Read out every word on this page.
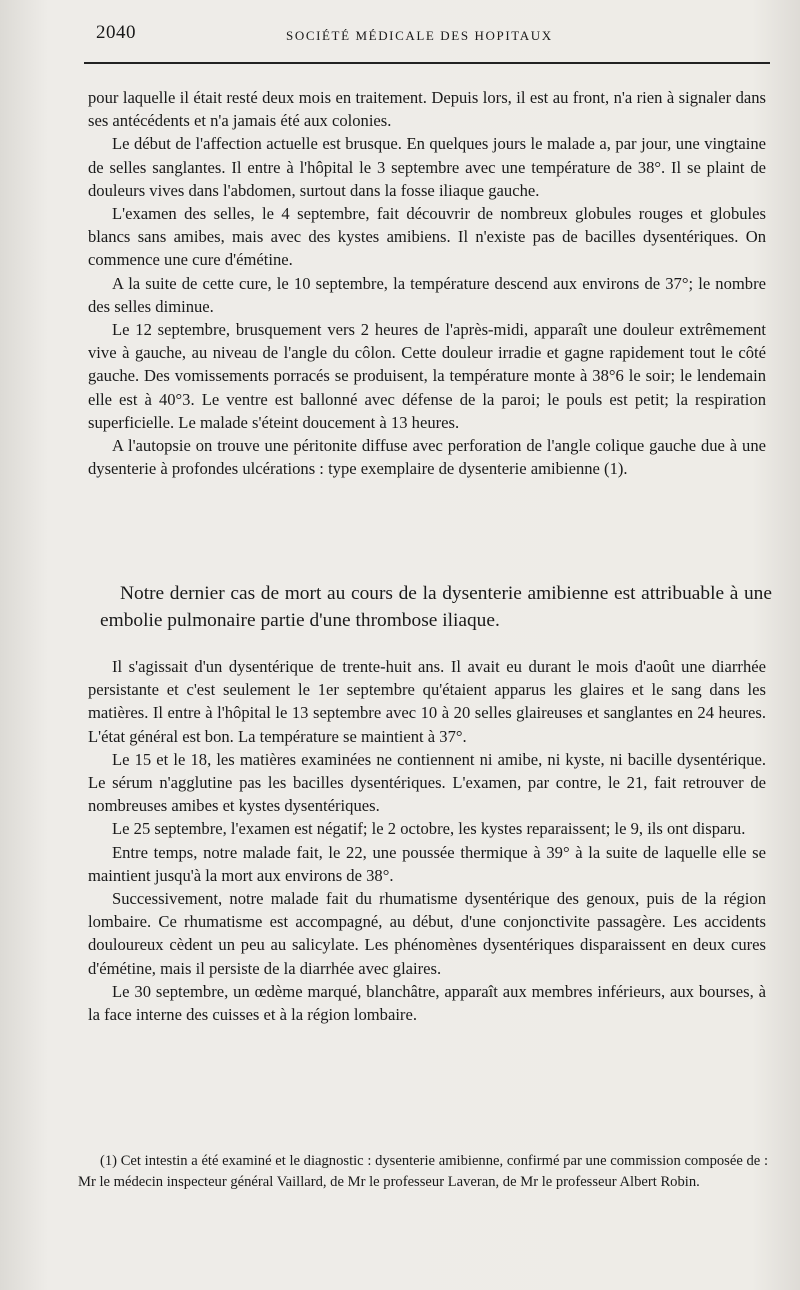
2040	SOCIÉTÉ MÉDICALE DES HOPITAUX

pour laquelle il était resté deux mois en traitement. Depuis lors, il est au front, n'a rien à signaler dans ses antécédents et n'a jamais été aux colonies.

Le début de l'affection actuelle est brusque. En quelques jours le malade a, par jour, une vingtaine de selles sanglantes. Il entre à l'hôpital le 3 septembre avec une température de 38°. Il se plaint de douleurs vives dans l'abdomen, surtout dans la fosse iliaque gauche.

L'examen des selles, le 4 septembre, fait découvrir de nombreux globules rouges et globules blancs sans amibes, mais avec des kystes amibiens. Il n'existe pas de bacilles dysentériques. On commence une cure d'émétine.

A la suite de cette cure, le 10 septembre, la température descend aux environs de 37°; le nombre des selles diminue.

Le 12 septembre, brusquement vers 2 heures de l'après-midi, apparaît une douleur extrêmement vive à gauche, au niveau de l'angle du côlon. Cette douleur irradie et gagne rapidement tout le côté gauche. Des vomissements porracés se produisent, la température monte à 38°6 le soir; le lendemain elle est à 40°3. Le ventre est ballonné avec défense de la paroi; le pouls est petit; la respiration superficielle. Le malade s'éteint doucement à 13 heures.

A l'autopsie on trouve une péritonite diffuse avec perforation de l'angle colique gauche due à une dysenterie à profondes ulcérations : type exemplaire de dysenterie amibienne (1).

Notre dernier cas de mort au cours de la dysenterie amibienne est attribuable à une embolie pulmonaire partie d'une thrombose iliaque.

Il s'agissait d'un dysentérique de trente-huit ans. Il avait eu durant le mois d'août une diarrhée persistante et c'est seulement le 1er septembre qu'étaient apparus les glaires et le sang dans les matières. Il entre à l'hôpital le 13 septembre avec 10 à 20 selles glaireuses et sanglantes en 24 heures. L'état général est bon. La température se maintient à 37°.

Le 15 et le 18, les matières examinées ne contiennent ni amibe, ni kyste, ni bacille dysentérique. Le sérum n'agglutine pas les bacilles dysentériques. L'examen, par contre, le 21, fait retrouver de nombreuses amibes et kystes dysentériques.

Le 25 septembre, l'examen est négatif; le 2 octobre, les kystes reparaissent; le 9, ils ont disparu.

Entre temps, notre malade fait, le 22, une poussée thermique à 39° à la suite de laquelle elle se maintient jusqu'à la mort aux environs de 38°.

Successivement, notre malade fait du rhumatisme dysentérique des genoux, puis de la région lombaire. Ce rhumatisme est accompagné, au début, d'une conjonctivite passagère. Les accidents douloureux cèdent un peu au salicylate. Les phénomènes dysentériques disparaissent en deux cures d'émétine, mais il persiste de la diarrhée avec glaires.

Le 30 septembre, un œdème marqué, blanchâtre, apparaît aux membres inférieurs, aux bourses, à la face interne des cuisses et à la région lombaire.

(1) Cet intestin a été examiné et le diagnostic : dysenterie amibienne, confirmé par une commission composée de : Mr le médecin inspecteur général Vaillard, de Mr le professeur Laveran, de Mr le professeur Albert Robin.
